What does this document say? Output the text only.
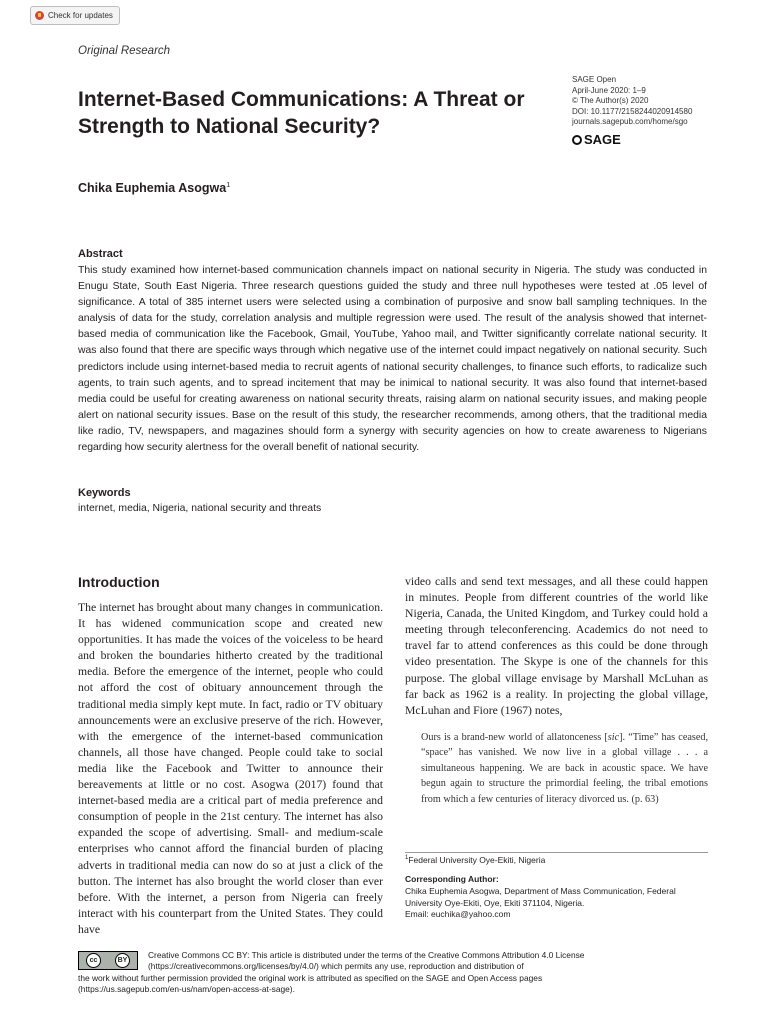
Check for updates
Original Research
Internet-Based Communications: A Threat or Strength to National Security?
SAGE Open
April-June 2020: 1–9
© The Author(s) 2020
DOI: 10.1177/2158244020914580
journals.sagepub.com/home/sgo
SAGE
Chika Euphemia Asogwa$^1$
Abstract

This study examined how internet-based communication channels impact on national security in Nigeria. The study was conducted in Enugu State, South East Nigeria. Three research questions guided the study and three null hypotheses were tested at .05 level of significance. A total of 385 internet users were selected using a combination of purposive and snow ball sampling techniques. In the analysis of data for the study, correlation analysis and multiple regression were used. The result of the analysis showed that internet-based media of communication like the Facebook, Gmail, YouTube, Yahoo mail, and Twitter significantly correlate national security. It was also found that there are specific ways through which negative use of the internet could impact negatively on national security. Such predictors include using internet-based media to recruit agents of national security challenges, to finance such efforts, to radicalize such agents, to train such agents, and to spread incitement that may be inimical to national security. It was also found that internet-based media could be useful for creating awareness on national security threats, raising alarm on national security issues, and making people alert on national security issues. Base on the result of this study, the researcher recommends, among others, that the traditional media like radio, TV, newspapers, and magazines should form a synergy with security agencies on how to create awareness to Nigerians regarding how security alertness for the overall benefit of national security.

Keywords
internet, media, Nigeria, national security and threats
Introduction

The internet has brought about many changes in communication. It has widened communication scope and created new opportunities. It has made the voices of the voiceless to be heard and broken the boundaries hitherto created by the traditional media. Before the emergence of the internet, people who could not afford the cost of obituary announcement through the traditional media simply kept mute. In fact, radio or TV obituary announcements were an exclusive preserve of the rich. However, with the emergence of the internet-based communication channels, all those have changed. People could take to social media like the Facebook and Twitter to announce their bereavements at little or no cost. Asogwa (2017) found that internet-based media are a critical part of media preference and consumption of people in the 21st century. The internet has also expanded the scope of advertising. Small- and medium-scale enterprises who cannot afford the financial burden of placing adverts in traditional media can now do so at just a click of the button. The internet has also brought the world closer than ever before. With the internet, a person from Nigeria can freely interact with his counterpart from the United States. They could have

video calls and send text messages, and all these could happen in minutes. People from different countries of the world like Nigeria, Canada, the United Kingdom, and Turkey could hold a meeting through teleconferencing. Academics do not need to travel far to attend conferences as this could be done through video presentation. The Skype is one of the channels for this purpose. The global village envisage by Marshall McLuhan as far back as 1962 is a reality. In projecting the global village, McLuhan and Fiore (1967) notes,

Ours is a brand-new world of allatonceness [sic]. “Time” has ceased, “space” has vanished. We now live in a global village . . . a simultaneous happening. We are back in acoustic space. We have begun again to structure the primordial feeling, the tribal emotions from which a few centuries of literacy divorced us. (p. 63)

$^1$Federal University Oye-Ekiti, Nigeria
Corresponding Author:
Chika Euphemia Asogwa, Department of Mass Communication, Federal
University Oye-Ekiti, Oye, Ekiti 371104, Nigeria.
Email: euchika@yahoo.com
cc	BY
Creative Commons CC BY: This article is distributed under the terms of the Creative Commons Attribution 4.0 License
(https://creativecommons.org/licenses/by/4.0/) which permits any use, reproduction and distribution of
the work without further permission provided the original work is attributed as specified on the SAGE and Open Access pages
(https://us.sagepub.com/en-us/nam/open-access-at-sage).
